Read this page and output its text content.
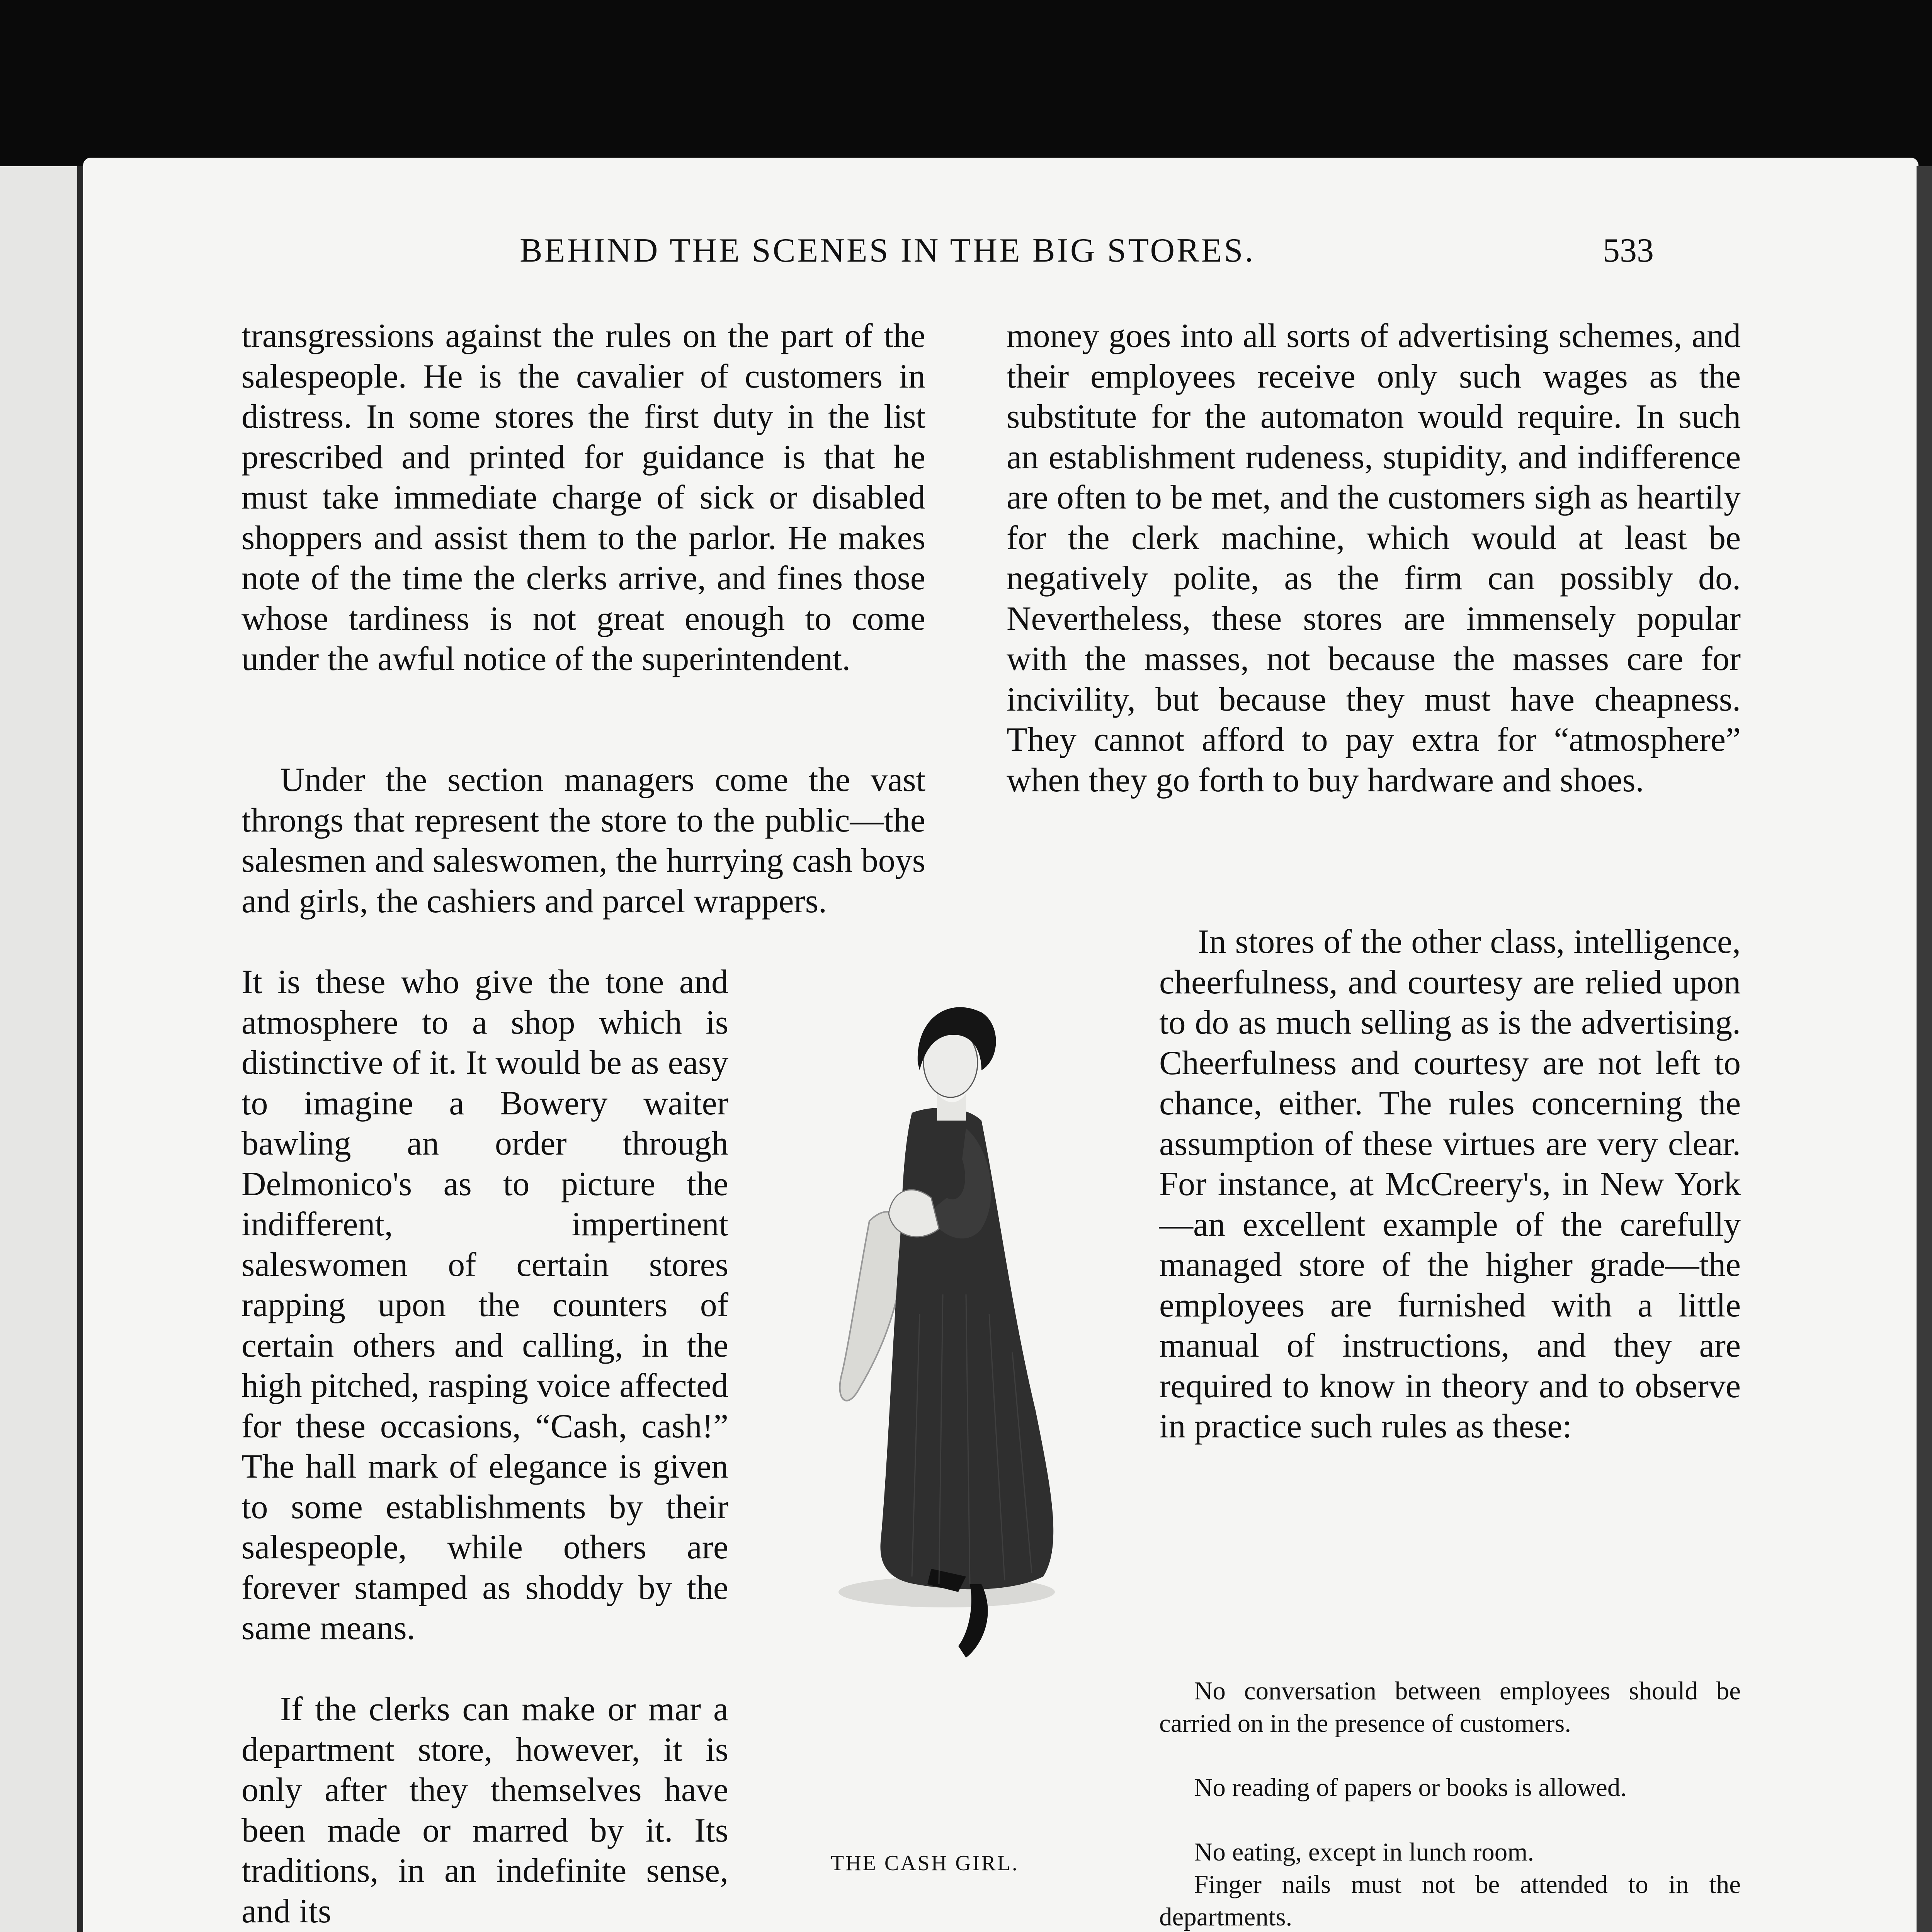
BEHIND THE SCENES IN THE BIG STORES.	533

transgressions against the rules on the part of the salespeople. He is the cavalier of customers in distress. In some stores the first duty in the list prescribed and printed for guidance is that he must take immediate charge of sick or disabled shoppers and assist them to the parlor. He makes note of the time the clerks arrive, and fines those whose tardiness is not great enough to come under the awful notice of the superintendent.

Under the section managers come the vast throngs that represent the store to the public—the salesmen and saleswomen, the hurrying cash boys and girls, the cashiers and parcel wrappers.

It is these who give the tone and atmosphere to a shop which is distinctive of it. It would be as easy to imagine a Bowery waiter bawling an order through Delmonico's as to picture the indifferent, impertinent saleswomen of certain stores rapping upon the counters of certain others and calling, in the high pitched, rasping voice affected for these occasions, “Cash, cash!” The hall mark of elegance is given to some establishments by their salespeople, while others are forever stamped as shoddy by the same means.

If the clerks can make or mar a department store, however, it is only after they themselves have been made or marred by it. Its traditions, in an indefinite sense, and its

THE CASH GIRL.

money goes into all sorts of advertising schemes, and their employees receive only such wages as the substitute for the automaton would require. In such an establishment rudeness, stupidity, and indifference are often to be met, and the customers sigh as heartily for the clerk machine, which would at least be negatively polite, as the firm can possibly do. Nevertheless, these stores are immensely popular with the masses, not because the masses care for incivility, but because they must have cheapness. They cannot afford to pay extra for “atmosphere” when they go forth to buy hardware and shoes.

In stores of the other class, intelligence, cheerfulness, and courtesy are relied upon to do as much selling as is the advertising. Cheerfulness and courtesy are not left to chance, either. The rules concerning the assumption of these virtues are very clear. For instance, at McCreery's, in New York—an excellent example of the carefully managed store of the higher grade—the employees are furnished with a little manual of instructions, and they are required to know in theory and to observe in practice such rules as these:

No conversation between employees should be carried on in the presence of customers.

No reading of papers or books is allowed.

No eating, except in lunch room.

Finger nails must not be attended to in the departments.
